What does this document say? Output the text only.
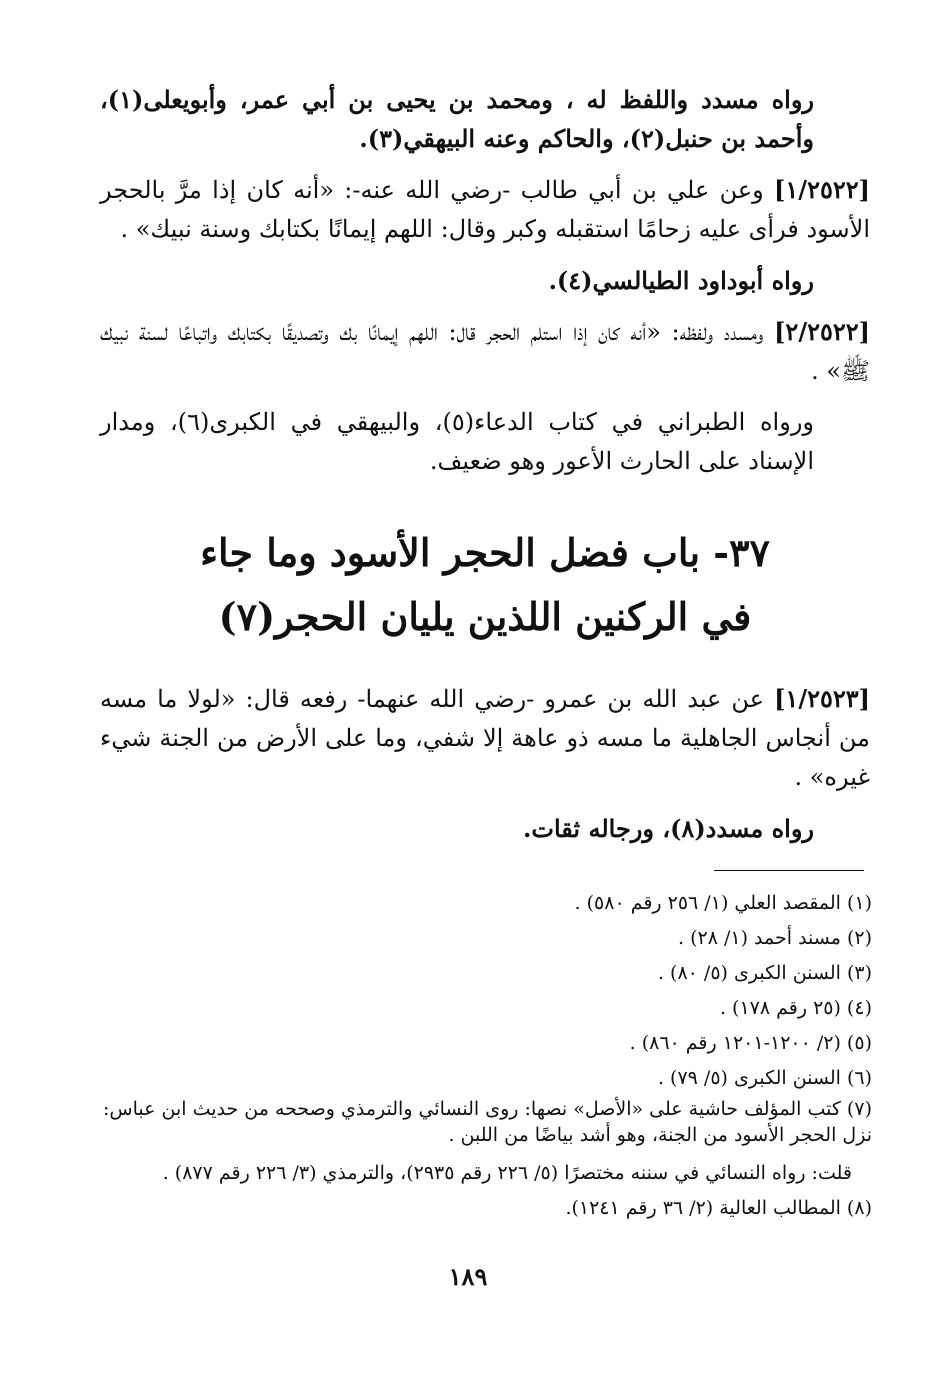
رواه مسدد واللفظ له ، ومحمد بن يحيى بن أبي عمر، وأبويعلى(١)، وأحمد بن حنبل(٢)، والحاكم وعنه البيهقي(٣).

[١/٢٥٢٢] وعن علي بن أبي طالب -رضي الله عنه-: «أنه كان إذا مرَّ بالحجر الأسود فرأى عليه زحامًا استقبله وكبر وقال: اللهم إيمانًا بكتابك وسنة نبيك» .

رواه أبوداود الطيالسي(٤).

[٢/٢٥٢٢] ومسدد ولفظه: «أنه كان إذا استلم الحجر قال: اللهم إيمانًا بك وتصديقًا بكتابك واتباعًا لسنة نبيك ﷺ» .

ورواه الطبراني في كتاب الدعاء(٥)، والبيهقي في الكبرى(٦)، ومدار الإسناد على الحارث الأعور وهو ضعيف.

٣٧- باب فضل الحجر الأسود وما جاء
في الركنين اللذين يليان الحجر(٧)

[١/٢٥٢٣] عن عبد الله بن عمرو -رضي الله عنهما- رفعه قال: «لولا ما مسه من أنجاس الجاهلية ما مسه ذو عاهة إلا شفي، وما على الأرض من الجنة شيء غيره» .

رواه مسدد(٨)، ورجاله ثقات.

(١) المقصد العلي (١/ ٢٥٦ رقم ٥٨٠) .

(٢) مسند أحمد (١/ ٢٨) .

(٣) السنن الكبرى (٥/ ٨٠) .

(٤) (٢٥ رقم ١٧٨) .

(٥) (٢/ ١٢٠٠-١٢٠١ رقم ٨٦٠) .

(٦) السنن الكبرى (٥/ ٧٩) .

(٧) كتب المؤلف حاشية على «الأصل» نصها: روى النسائي والترمذي وصححه من حديث ابن عباس: نزل الحجر الأسود من الجنة، وهو أشد بياضًا من اللبن .

قلت: رواه النسائي في سننه مختصرًا (٥/ ٢٢٦ رقم ٢٩٣٥)، والترمذي (٣/ ٢٢٦ رقم ٨٧٧) .

(٨) المطالب العالية (٢/ ٣٦ رقم ١٢٤١).

١٨٩
